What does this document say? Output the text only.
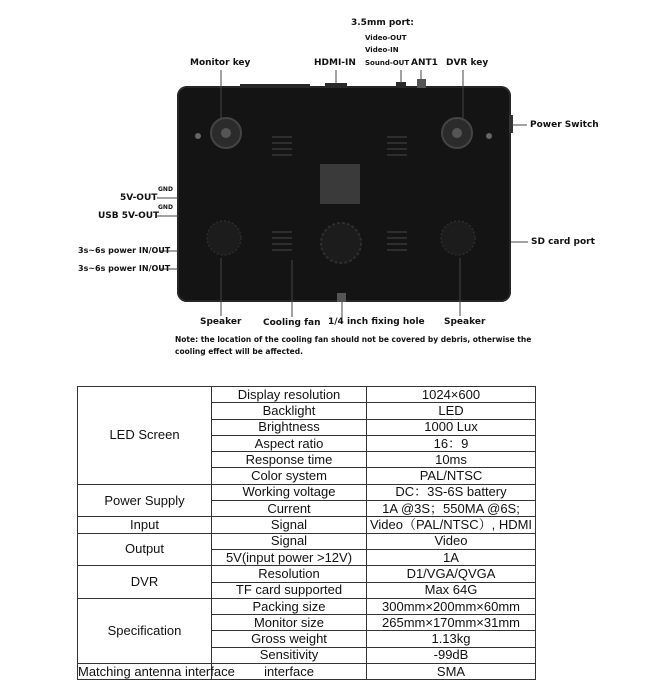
3.5mm port:
Video-OUT
Video-IN
Sound-OUT ANT1
Monitor key	HDMI-IN	DVR key
Power Switch
GND
5V-OUT
GND
USB 5V-OUT
3s~6s power IN/OUT
3s~6s power IN/OUT
SD card port
Speaker Cooling fan 1/4 inch fixing hole Speaker
Note: the location of the cooling fan should not be covered by debris, otherwise the cooling effect will be affected.
LED Screen	Display resolution	1024×600
	Backlight	LED
	Brightness	1000 Lux
	Aspect ratio	16：9
	Response time	10ms
	Color system	PAL/NTSC
Power Supply	Working voltage	DC：3S-6S battery
	Current	1A @3S；550MA @6S;
Input	Signal	Video（PAL/NTSC）, HDMI
Output	Signal	Video
	5V(input power >12V)	1A
DVR	Resolution	D1/VGA/QVGA
	TF card supported	Max 64G
Specification	Packing size	300mm×200mm×60mm
	Monitor size	265mm×170mm×31mm
	Gross weight	1.13kg
	Sensitivity	-99dB
Matching antenna interface	interface	SMA
